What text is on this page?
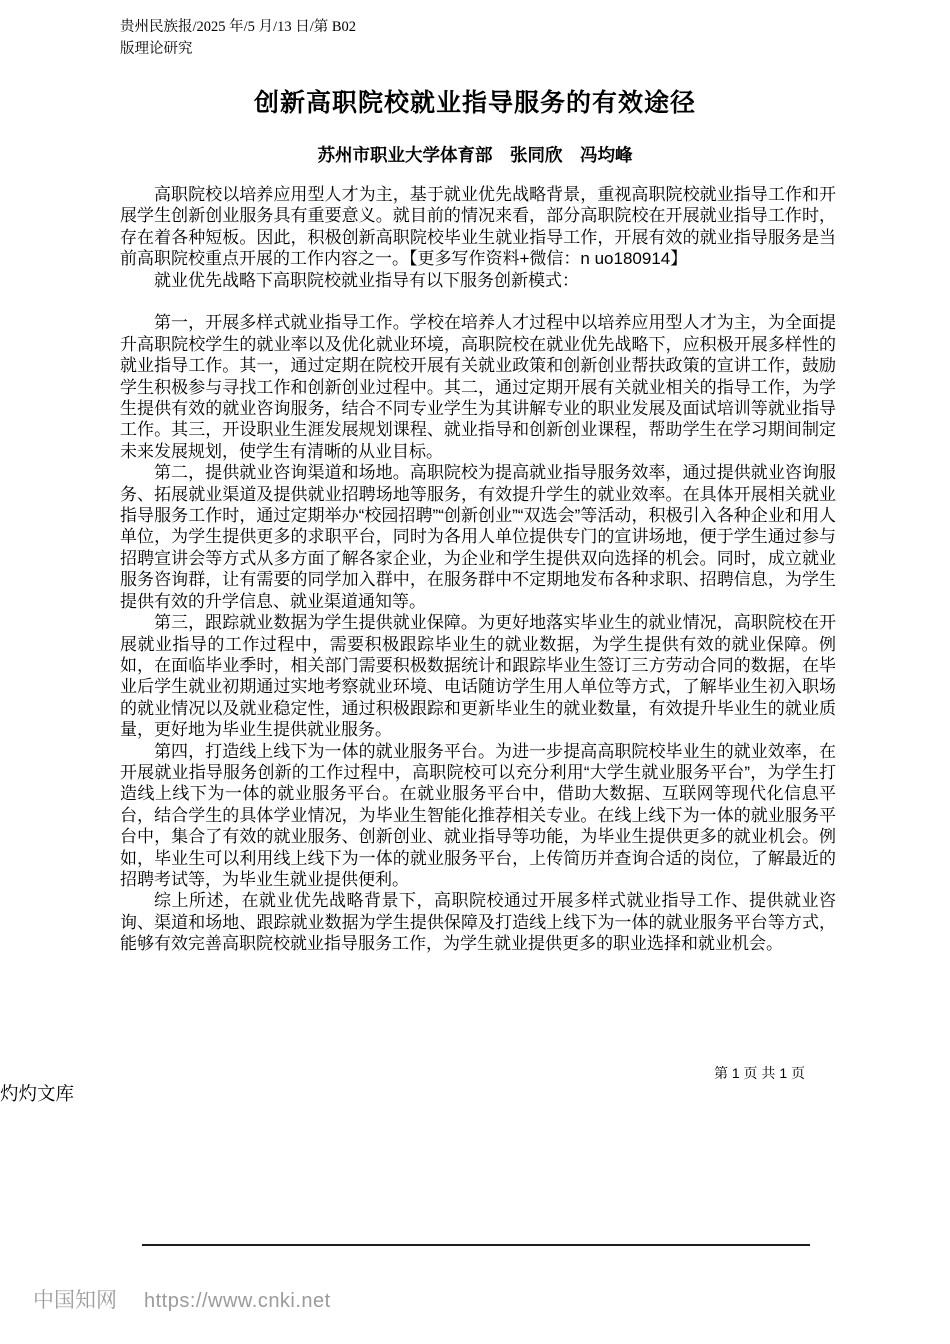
贵州民族报/2025 年/5 月/13 日/第 B02
版理论研究
创新高职院校就业指导服务的有效途径
苏州市职业大学体育部　张同欣　冯均峰

高职院校以培养应用型人才为主，基于就业优先战略背景，重视高职院校就业指导工作和开展学生创新创业服务具有重要意义。就目前的情况来看，部分高职院校在开展就业指导工作时，存在着各种短板。因此，积极创新高职院校毕业生就业指导工作，开展有效的就业指导服务是当前高职院校重点开展的工作内容之一。【更多写作资料+微信：n uo180914】

就业优先战略下高职院校就业指导有以下服务创新模式：

第一，开展多样式就业指导工作。学校在培养人才过程中以培养应用型人才为主，为全面提升高职院校学生的就业率以及优化就业环境，高职院校在就业优先战略下，应积极开展多样性的就业指导工作。其一，通过定期在院校开展有关就业政策和创新创业帮扶政策的宣讲工作，鼓励学生积极参与寻找工作和创新创业过程中。其二，通过定期开展有关就业相关的指导工作，为学生提供有效的就业咨询服务，结合不同专业学生为其讲解专业的职业发展及面试培训等就业指导工作。其三，开设职业生涯发展规划课程、就业指导和创新创业课程，帮助学生在学习期间制定未来发展规划，使学生有清晰的从业目标。

第二，提供就业咨询渠道和场地。高职院校为提高就业指导服务效率，通过提供就业咨询服务、拓展就业渠道及提供就业招聘场地等服务，有效提升学生的就业效率。在具体开展相关就业指导服务工作时，通过定期举办“校园招聘”“创新创业”“双选会”等活动，积极引入各种企业和用人单位，为学生提供更多的求职平台，同时为各用人单位提供专门的宣讲场地，便于学生通过参与招聘宣讲会等方式从多方面了解各家企业，为企业和学生提供双向选择的机会。同时，成立就业服务咨询群，让有需要的同学加入群中，在服务群中不定期地发布各种求职、招聘信息，为学生提供有效的升学信息、就业渠道通知等。

第三，跟踪就业数据为学生提供就业保障。为更好地落实毕业生的就业情况，高职院校在开展就业指导的工作过程中，需要积极跟踪毕业生的就业数据，为学生提供有效的就业保障。例如，在面临毕业季时，相关部门需要积极数据统计和跟踪毕业生签订三方劳动合同的数据，在毕业后学生就业初期通过实地考察就业环境、电话随访学生用人单位等方式，了解毕业生初入职场的就业情况以及就业稳定性，通过积极跟踪和更新毕业生的就业数量，有效提升毕业生的就业质量，更好地为毕业生提供就业服务。

第四，打造线上线下为一体的就业服务平台。为进一步提高高职院校毕业生的就业效率，在开展就业指导服务创新的工作过程中，高职院校可以充分利用“大学生就业服务平台”，为学生打造线上线下为一体的就业服务平台。在就业服务平台中，借助大数据、互联网等现代化信息平台，结合学生的具体学业情况，为毕业生智能化推荐相关专业。在线上线下为一体的就业服务平台中，集合了有效的就业服务、创新创业、就业指导等功能，为毕业生提供更多的就业机会。例如，毕业生可以利用线上线下为一体的就业服务平台，上传简历并查询合适的岗位，了解最近的招聘考试等，为毕业生就业提供便利。

综上所述，在就业优先战略背景下，高职院校通过开展多样式就业指导工作、提供就业咨询、渠道和场地、跟踪就业数据为学生提供保障及打造线上线下为一体的就业服务平台等方式，能够有效完善高职院校就业指导服务工作，为学生就业提供更多的职业选择和就业机会。

第 1 页 共 1 页
灼灼文库
中国知网 https://www.cnki.net
